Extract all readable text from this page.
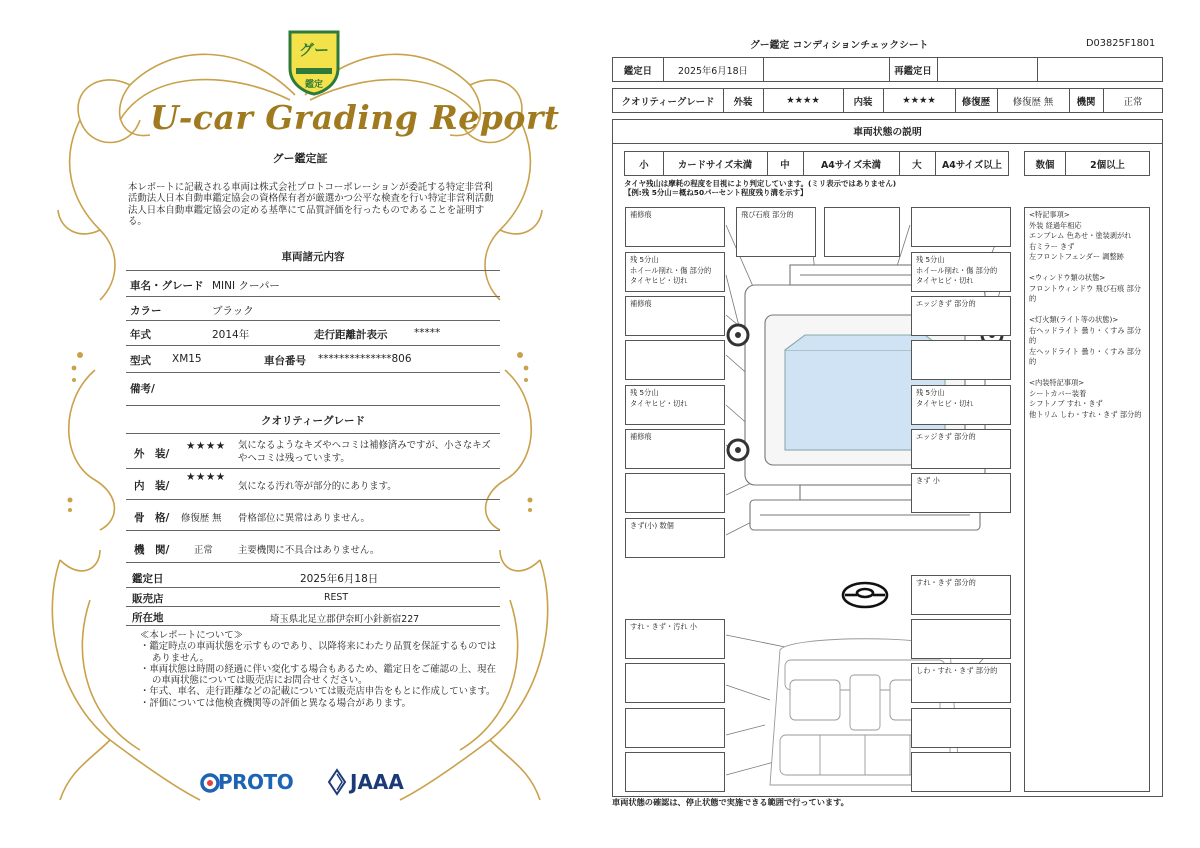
グー
鑑定
U-car Grading Report
グー鑑定証
本レポートに記載される車両は株式会社プロトコーポレーションが委託する特定非営利活動法人日本自動車鑑定協会の資格保有者が厳選かつ公平な検査を行い特定非営利活動法人日本自動車鑑定協会の定める基準にて品質評価を行ったものであることを証明する。
車両諸元内容
車名・グレード MINI クーパー
カラー	ブラック
年式	2014年	走行距離計表示	*****
型式 XM15	車台番号 **************806
備考/
クオリティーグレード
外　装/
★★★★ 気になるようなキズやヘコミは補修済みですが、小さなキズやヘコミは残っています。
内　装/
★★★★
気になる汚れ等が部分的にあります。
骨　格/ 修復歴 無 骨格部位に異常はありません。
機　関/	正常	主要機関に不具合はありません。
鑑定日	2025年6月18日
販売店	REST
所在地	埼玉県北足立郡伊奈町小針新宿227
≪本レポートについて≫
・鑑定時点の車両状態を示すものであり、以降将来にわたり品質を保証するものではありません。
・車両状態は時間の経過に伴い変化する場合もあるため、鑑定日をご確認の上、現在の車両状態については販売店にお問合せください。
・年式、車名、走行距離などの記載については販売店申告をもとに作成しています。
・評価については他検査機関等の評価と異なる場合があります。
PROTO	JAAA
グー鑑定 コンディションチェックシート	D03825F1801
鑑定日	2025年6月18日	再鑑定日
クオリティーグレード	外装	★★★★	内装	★★★★	修復歴	修復歴 無	機関	正常
車両状態の説明
小	カードサイズ未満	中	A4サイズ未満	大	A4サイズ以上	数個	2個以上
タイヤ残山は摩耗の程度を目視により判定しています。(ミリ表示ではありません)
【例:残 5分山＝概ね50パーセント程度残り溝を示す】
補修痕
残 5分山
ホイール削れ・傷 部分的
タイヤヒビ・切れ
補修痕
残 5分山
タイヤヒビ・切れ
補修痕
きず(小) 数個
すれ・きず・汚れ 小
飛び石痕 部分的
残 5分山
ホイール削れ・傷 部分的
タイヤヒビ・切れ
エッジきず 部分的
残 5分山
タイヤヒビ・切れ
エッジきず 部分的
きず 小
すれ・きず 部分的
しわ・すれ・きず 部分的
<特記事項>
外装 経過年相応
エンブレム 色あせ・塗装剥がれ
右ミラー きず
左フロントフェンダー 調整跡

<ウィンドウ類の状態>
フロントウィンドウ 飛び石痕 部分的

<灯火類(ライト等の状態)>
右ヘッドライト 曇り・くすみ 部分的
左ヘッドライト 曇り・くすみ 部分的

<内装特記事項>
シートカバー装着
シフトノブ すれ・きず
他トリム しわ・すれ・きず 部分的
車両状態の確認は、停止状態で実施できる範囲で行っています。
